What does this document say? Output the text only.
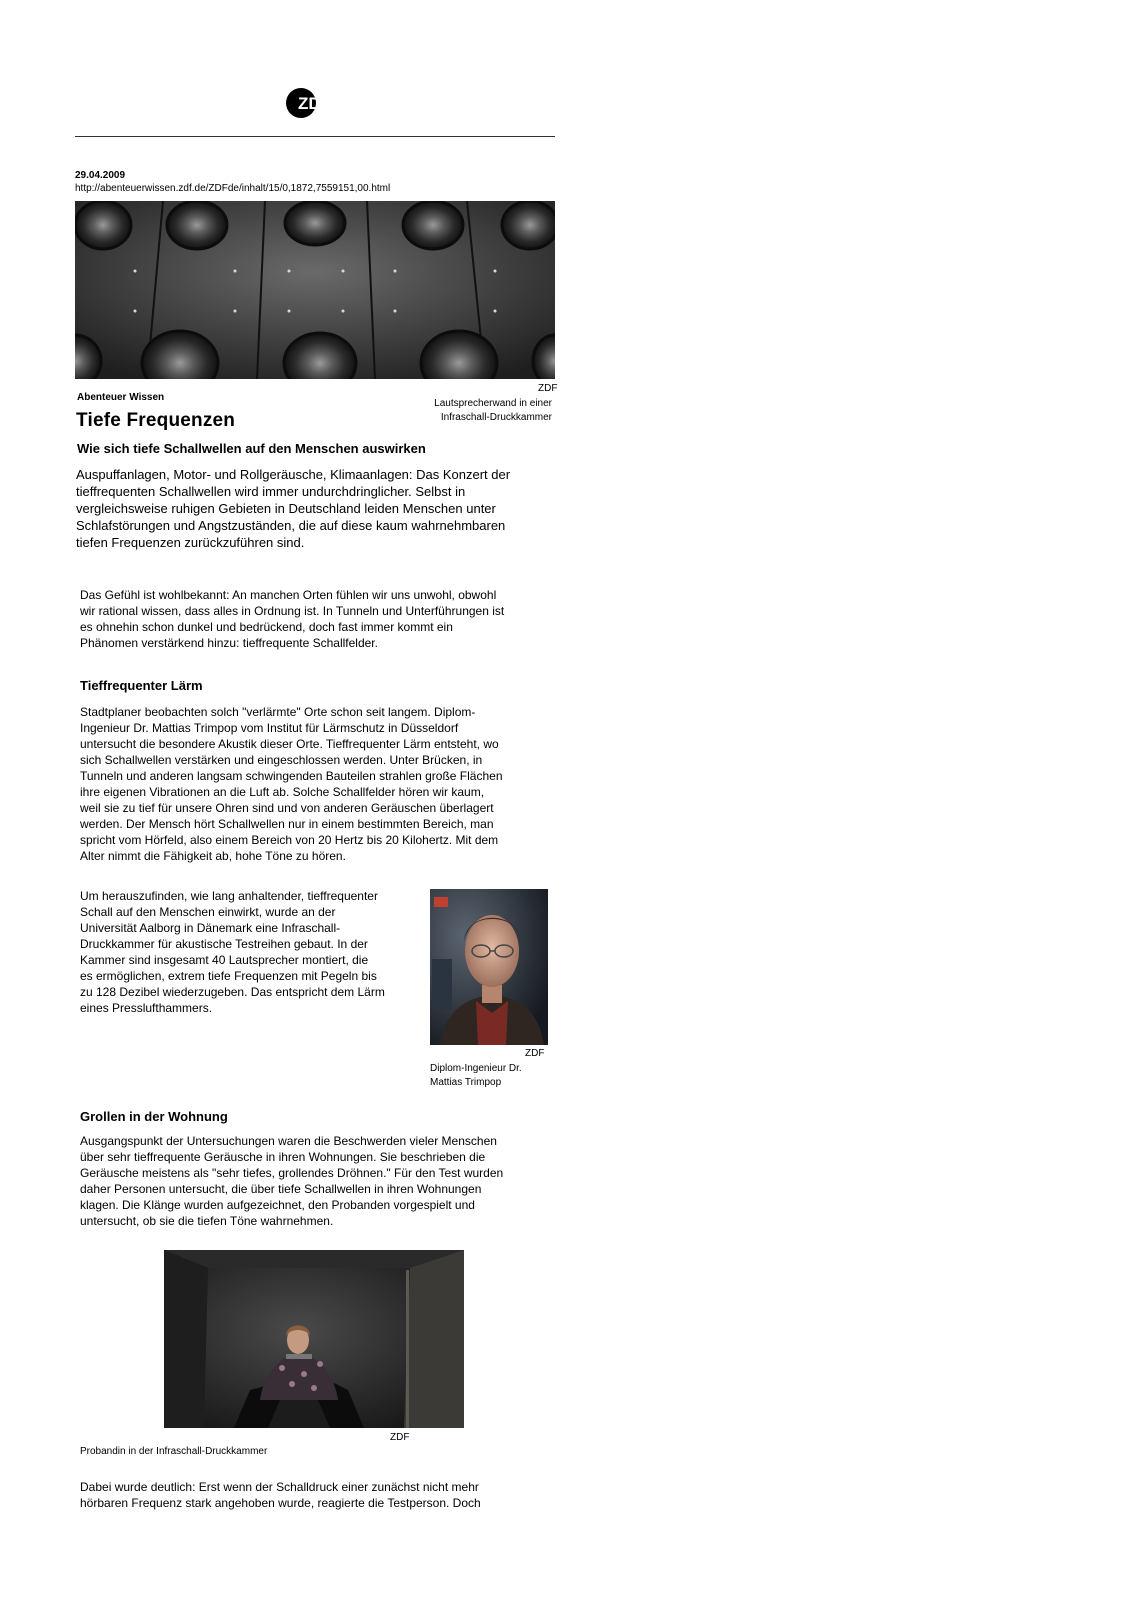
ZDF
29.04.2009
http://abenteuerwissen.zdf.de/ZDFde/inhalt/15/0,1872,7559151,00.html
ZDF
Lautsprecherwand in einer
Infraschall-Druckkammer
Abenteuer Wissen
Tiefe Frequenzen
Wie sich tiefe Schallwellen auf den Menschen auswirken
Auspuffanlagen, Motor- und Rollgeräusche, Klimaanlagen: Das Konzert der
tieffrequenten Schallwellen wird immer undurchdringlicher. Selbst in
vergleichsweise ruhigen Gebieten in Deutschland leiden Menschen unter
Schlafstörungen und Angstzuständen, die auf diese kaum wahrnehmbaren
tiefen Frequenzen zurückzuführen sind.
Das Gefühl ist wohlbekannt: An manchen Orten fühlen wir uns unwohl, obwohl
wir rational wissen, dass alles in Ordnung ist. In Tunneln und Unterführungen ist
es ohnehin schon dunkel und bedrückend, doch fast immer kommt ein
Phänomen verstärkend hinzu: tieffrequente Schallfelder.
Tieffrequenter Lärm
Stadtplaner beobachten solch "verlärmte" Orte schon seit langem. Diplom-
Ingenieur Dr. Mattias Trimpop vom Institut für Lärmschutz in Düsseldorf
untersucht die besondere Akustik dieser Orte. Tieffrequenter Lärm entsteht, wo
sich Schallwellen verstärken und eingeschlossen werden. Unter Brücken, in
Tunneln und anderen langsam schwingenden Bauteilen strahlen große Flächen
ihre eigenen Vibrationen an die Luft ab. Solche Schallfelder hören wir kaum,
weil sie zu tief für unsere Ohren sind und von anderen Geräuschen überlagert
werden. Der Mensch hört Schallwellen nur in einem bestimmten Bereich, man
spricht vom Hörfeld, also einem Bereich von 20 Hertz bis 20 Kilohertz. Mit dem
Alter nimmt die Fähigkeit ab, hohe Töne zu hören.
Um herauszufinden, wie lang anhaltender, tieffrequenter
Schall auf den Menschen einwirkt, wurde an der
Universität Aalborg in Dänemark eine Infraschall-
Druckkammer für akustische Testreihen gebaut. In der
Kammer sind insgesamt 40 Lautsprecher montiert, die
es ermöglichen, extrem tiefe Frequenzen mit Pegeln bis
zu 128 Dezibel wiederzugeben. Das entspricht dem Lärm
eines Presslufthammers.
ZDF
Diplom-Ingenieur Dr.
Mattias Trimpop
Grollen in der Wohnung
Ausgangspunkt der Untersuchungen waren die Beschwerden vieler Menschen
über sehr tieffrequente Geräusche in ihren Wohnungen. Sie beschrieben die
Geräusche meistens als "sehr tiefes, grollendes Dröhnen." Für den Test wurden
daher Personen untersucht, die über tiefe Schallwellen in ihren Wohnungen
klagen. Die Klänge wurden aufgezeichnet, den Probanden vorgespielt und
untersucht, ob sie die tiefen Töne wahrnehmen.
ZDF
Probandin in der Infraschall-Druckkammer
Dabei wurde deutlich: Erst wenn der Schalldruck einer zunächst nicht mehr
hörbaren Frequenz stark angehoben wurde, reagierte die Testperson. Doch
